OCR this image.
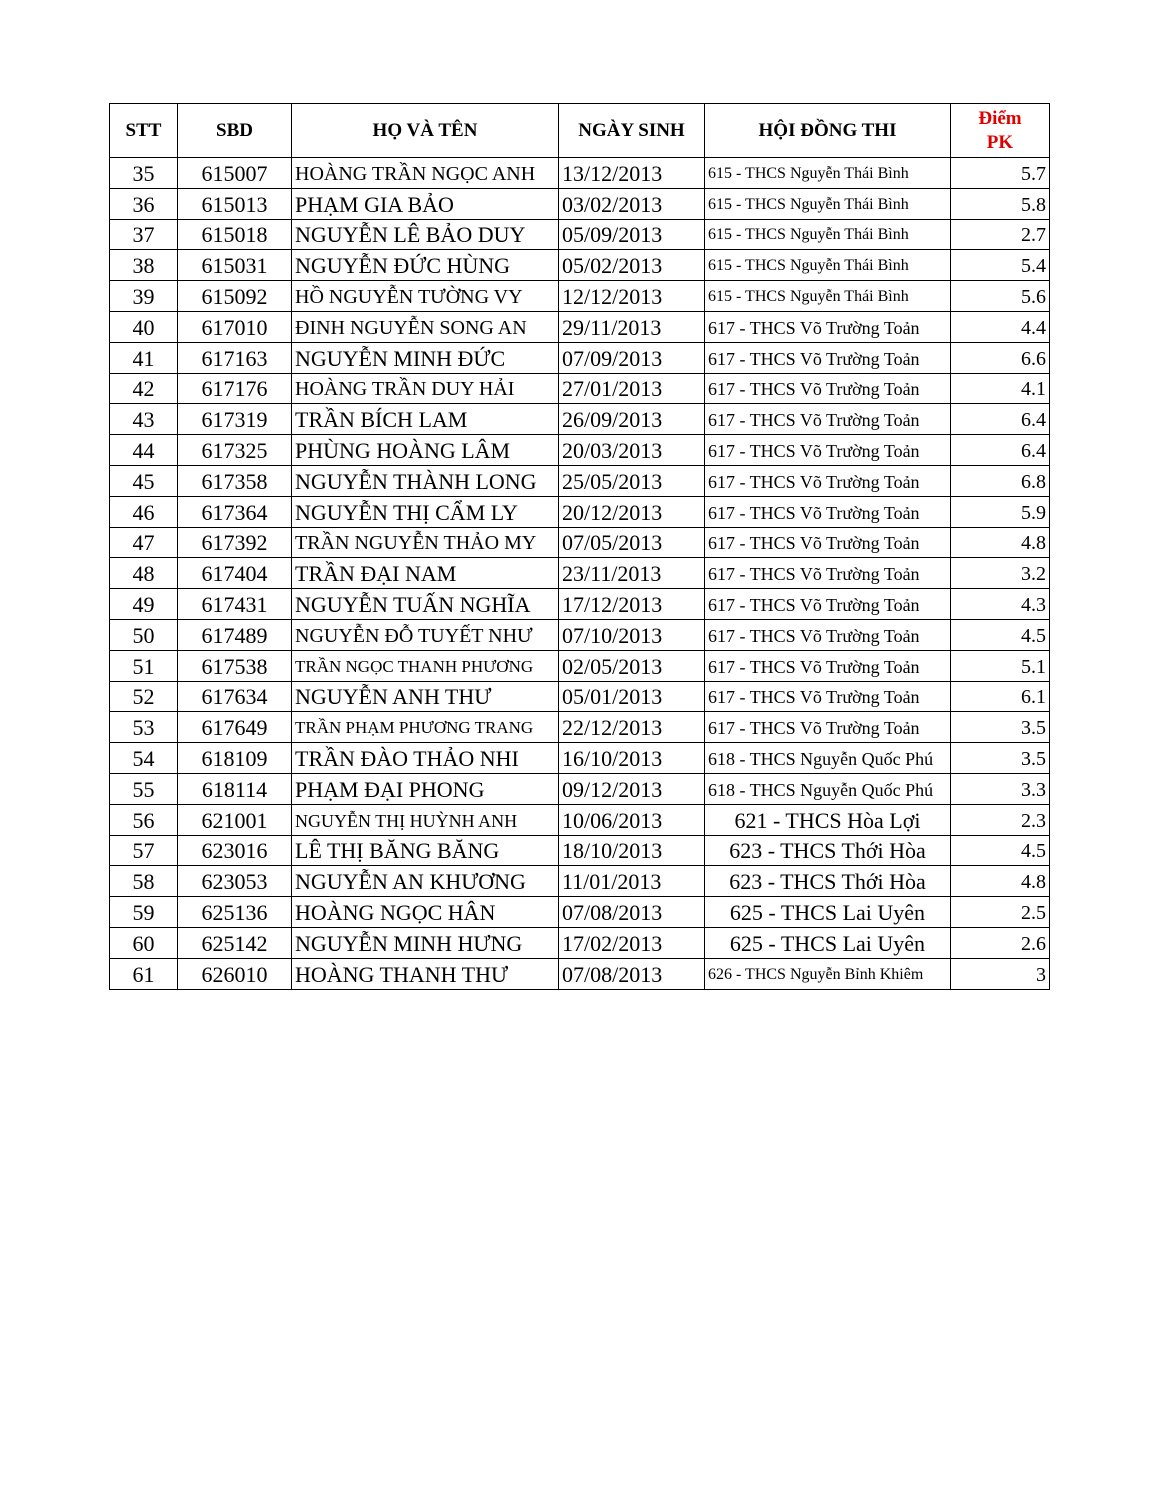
STT	SBD	HỌ VÀ TÊN	NGÀY SINH	HỘI ĐỒNG THI	Điểm
PK

35	615007	HOÀNG TRẦN NGỌC ANH	13/12/2013	615 - THCS Nguyễn Thái Bình	5.7
36	615013	PHẠM GIA BẢO	03/02/2013	615 - THCS Nguyễn Thái Bình	5.8
37	615018	NGUYỄN LÊ BẢO DUY	05/09/2013	615 - THCS Nguyễn Thái Bình	2.7
38	615031	NGUYỄN ĐỨC HÙNG	05/02/2013	615 - THCS Nguyễn Thái Bình	5.4
39	615092	HỒ NGUYỄN TƯỜNG VY	12/12/2013	615 - THCS Nguyễn Thái Bình	5.6
40	617010	ĐINH NGUYỄN SONG AN	29/11/2013	617 - THCS Võ Trường Toản	4.4
41	617163	NGUYỄN MINH ĐỨC	07/09/2013	617 - THCS Võ Trường Toản	6.6
42	617176	HOÀNG TRẦN DUY HẢI	27/01/2013	617 - THCS Võ Trường Toản	4.1
43	617319	TRẦN BÍCH LAM	26/09/2013	617 - THCS Võ Trường Toản	6.4
44	617325	PHÙNG HOÀNG LÂM	20/03/2013	617 - THCS Võ Trường Toản	6.4
45	617358	NGUYỄN THÀNH LONG	25/05/2013	617 - THCS Võ Trường Toản	6.8
46	617364	NGUYỄN THỊ CẨM LY	20/12/2013	617 - THCS Võ Trường Toản	5.9
47	617392	TRẦN NGUYỄN THẢO MY	07/05/2013	617 - THCS Võ Trường Toản	4.8
48	617404	TRẦN ĐẠI NAM	23/11/2013	617 - THCS Võ Trường Toản	3.2
49	617431	NGUYỄN TUẤN NGHĨA	17/12/2013	617 - THCS Võ Trường Toản	4.3
50	617489	NGUYỄN ĐỖ TUYẾT NHƯ	07/10/2013	617 - THCS Võ Trường Toản	4.5
51	617538	TRẦN NGỌC THANH PHƯƠNG	02/05/2013	617 - THCS Võ Trường Toản	5.1
52	617634	NGUYỄN ANH THƯ	05/01/2013	617 - THCS Võ Trường Toản	6.1
53	617649	TRẦN PHẠM PHƯƠNG TRANG	22/12/2013	617 - THCS Võ Trường Toản	3.5
54	618109	TRẦN ĐÀO THẢO NHI	16/10/2013	618 - THCS Nguyễn Quốc Phú	3.5
55	618114	PHẠM ĐẠI PHONG	09/12/2013	618 - THCS Nguyễn Quốc Phú	3.3
56	621001	NGUYỄN THỊ HUỲNH ANH	10/06/2013	621 - THCS Hòa Lợi	2.3
57	623016	LÊ THỊ BĂNG BĂNG	18/10/2013	623 - THCS Thới Hòa	4.5
58	623053	NGUYỄN AN KHƯƠNG	11/01/2013	623 - THCS Thới Hòa	4.8
59	625136	HOÀNG NGỌC HÂN	07/08/2013	625 - THCS Lai Uyên	2.5
60	625142	NGUYỄN MINH HƯNG	17/02/2013	625 - THCS Lai Uyên	2.6
61	626010	HOÀNG THANH THƯ	07/08/2013	626 - THCS Nguyễn Bỉnh Khiêm	3
